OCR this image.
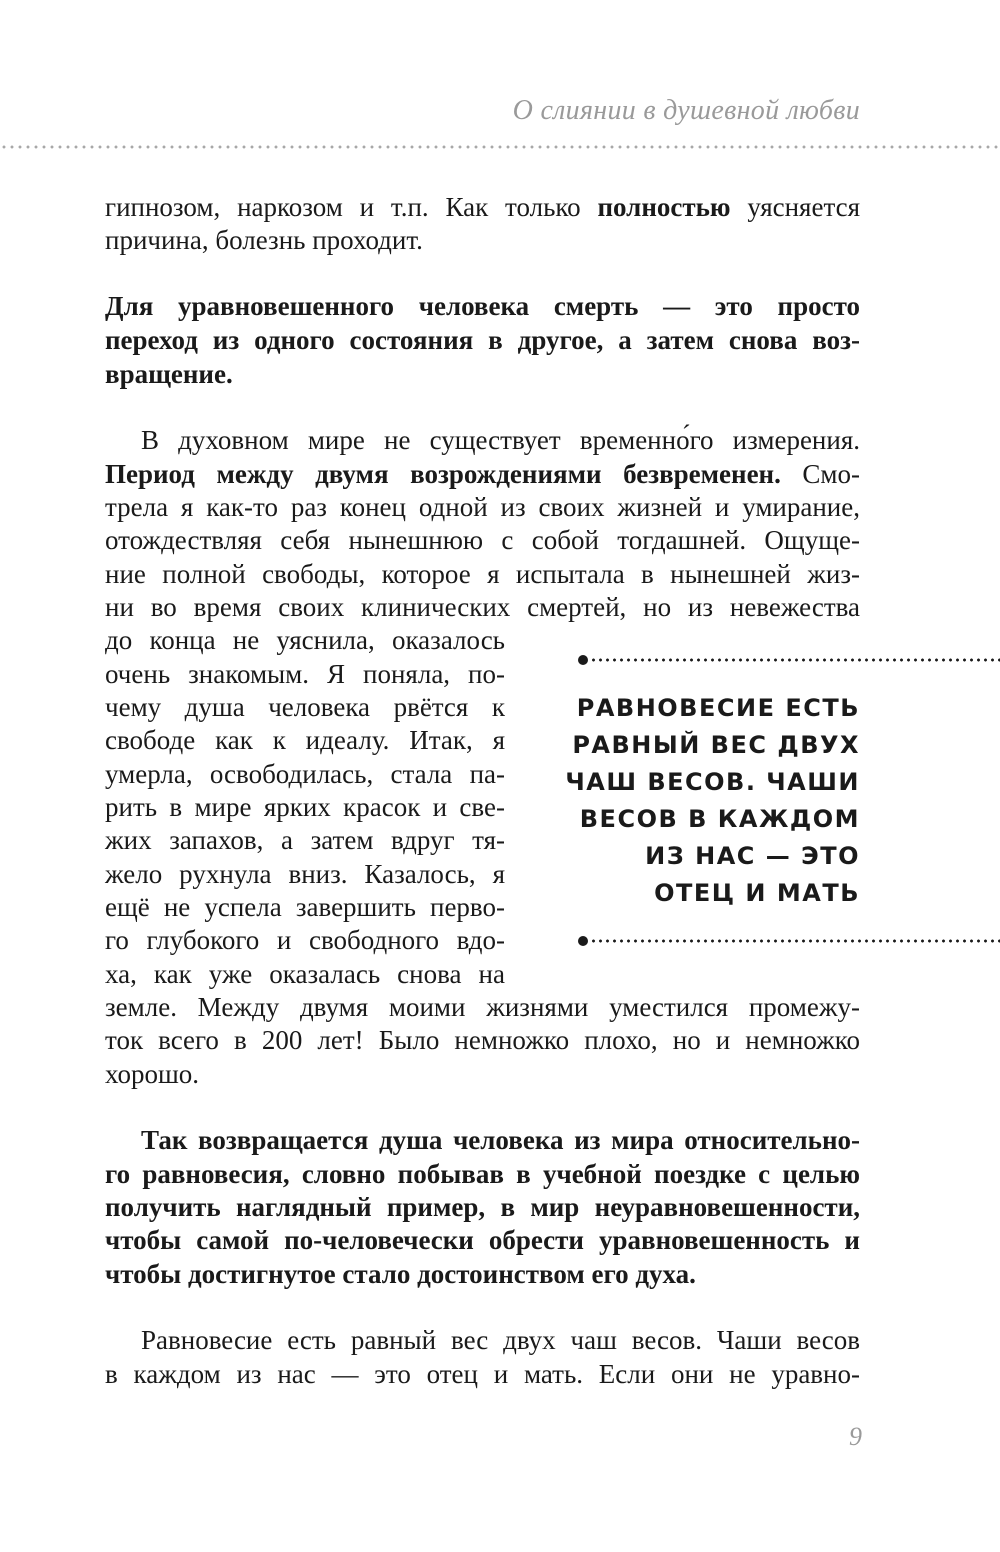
О слиянии в душевной любви
гипнозом, наркозом и т.п. Как только полностью уясняется
причина, болезнь проходит.
Для уравновешенного человека смерть — это просто
переход из одного состояния в другое, а затем снова воз-
вращение.
В духовном мире не существует временно́го измерения.
Период между двумя возрождениями безвременен. Смо-
трела я как-то раз конец одной из своих жизней и умирание,
отождествляя себя нынешнюю с собой тогдашней. Ощуще-
ние полной свободы, которое я испытала в нынешней жиз-
ни во время своих клинических смертей, но из невежества
до конца не уяснила, оказалось
очень знакомым. Я поняла, по-
чему душа человека рвётся к
свободе как к идеалу. Итак, я
умерла, освободилась, стала па-
рить в мире ярких красок и све-
жих запахов, а затем вдруг тя-
жело рухнула вниз. Казалось, я
ещё не успела завершить перво-
го глубокого и свободного вдо-
ха, как уже оказалась снова на
земле. Между двумя моими жизнями уместился промежу-
ток всего в 200 лет! Было немножко плохо, но и немножко
хорошо.
РАВНОВЕСИЕ ЕСТЬ
РАВНЫЙ ВЕС ДВУХ
ЧАШ ВЕСОВ. ЧАШИ
ВЕСОВ В КАЖДОМ
ИЗ НАС — ЭТО
ОТЕЦ И МАТЬ
Так возвращается душа человека из мира относительно-
го равновесия, словно побывав в учебной поездке с целью
получить наглядный пример, в мир неуравновешенности,
чтобы самой по-человечески обрести уравновешенность и
чтобы достигнутое стало достоинством его духа.
Равновесие есть равный вес двух чаш весов. Чаши весов
в каждом из нас — это отец и мать. Если они не уравно-
9
